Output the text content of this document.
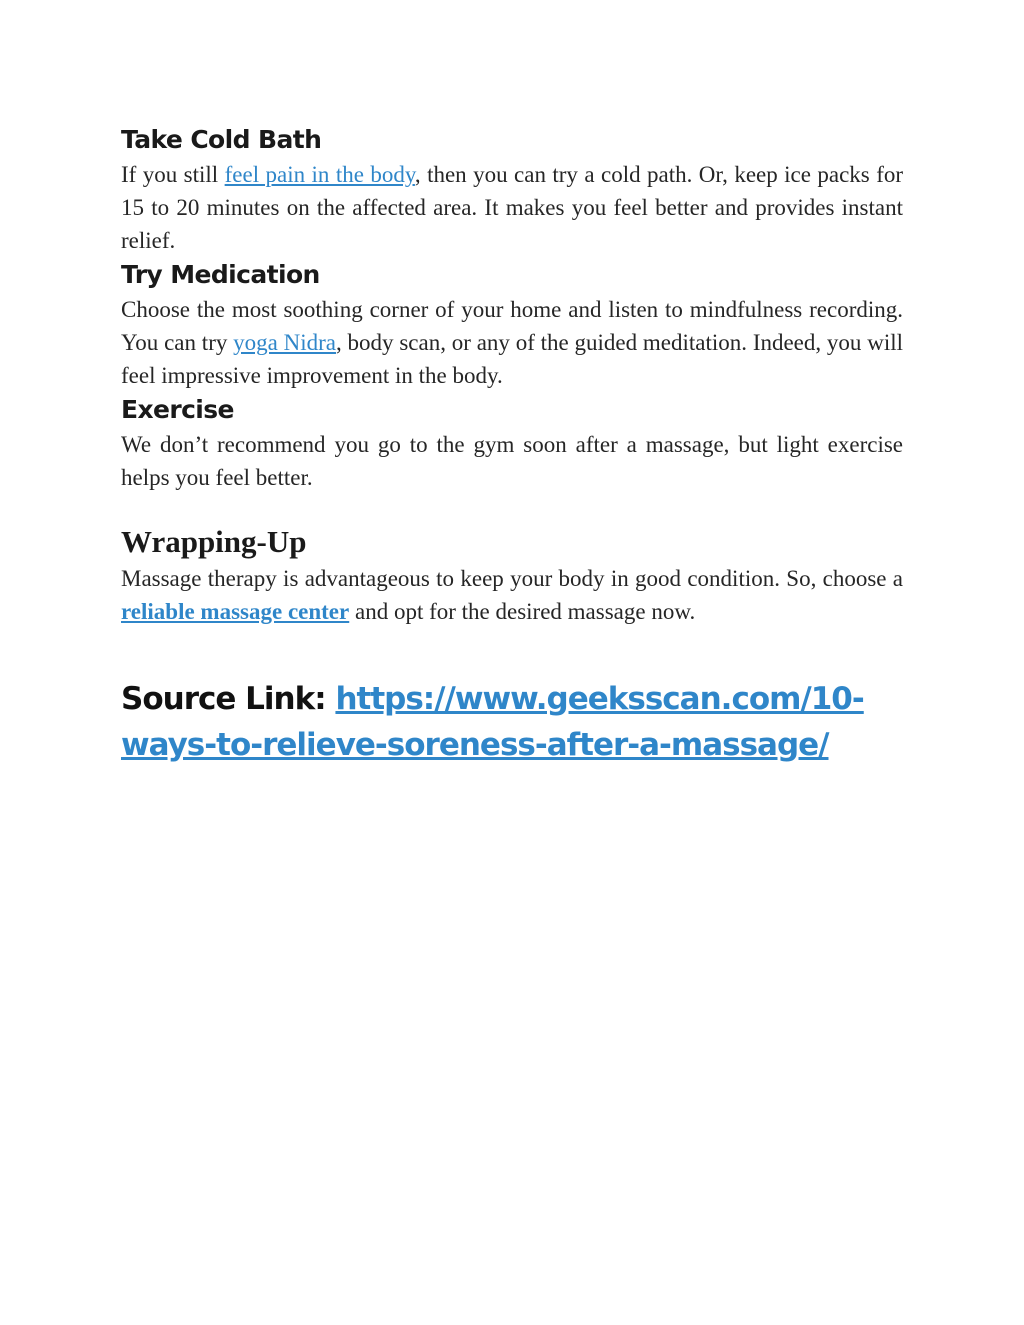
Take Cold Bath

If you still feel pain in the body, then you can try a cold path. Or, keep ice packs for 15 to 20 minutes on the affected area. It makes you feel better and provides instant relief.

Try Medication

Choose the most soothing corner of your home and listen to mindfulness recording. You can try yoga Nidra, body scan, or any of the guided meditation. Indeed, you will feel impressive improvement in the body.

Exercise

We don’t recommend you go to the gym soon after a massage, but light exercise helps you feel better.

Wrapping-Up

Massage therapy is advantageous to keep your body in good condition. So, choose a reliable massage center and opt for the desired massage now.

Source Link: https://www.geeksscan.com/10-ways-to-relieve-soreness-after-a-massage/
